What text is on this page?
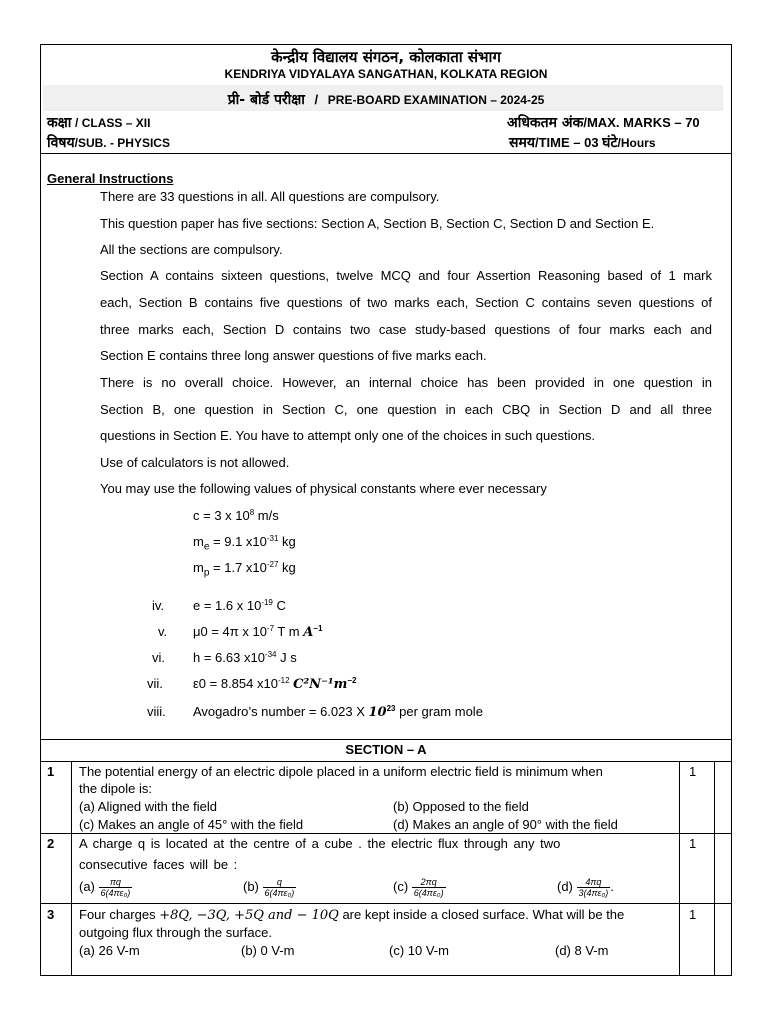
केन्द्रीय विद्यालय संगठन, कोलकाता संभाग
KENDRIYA VIDYALAYA SANGATHAN, KOLKATA REGION
प्री- बोर्ड परीक्षा / PRE-BOARD EXAMINATION – 2024-25
कक्षा / CLASS – XII	अधिकतम अंक/MAX. MARKS – 70
विषय/SUB. - PHYSICS	समय/TIME – 03 घंटे/Hours
General Instructions
There are 33 questions in all. All questions are compulsory.
This question paper has five sections: Section A, Section B, Section C, Section D and Section E.
All the sections are compulsory.
Section A contains sixteen questions, twelve MCQ and four Assertion Reasoning based of 1 mark
each, Section B contains five questions of two marks each, Section C contains seven questions of
three marks each, Section D contains two case study-based questions of four marks each and
Section E contains three long answer questions of five marks each.
There is no overall choice. However, an internal choice has been provided in one question in
Section B, one question in Section C, one question in each CBQ in Section D and all three
questions in Section E. You have to attempt only one of the choices in such questions.
Use of calculators is not allowed.
You may use the following values of physical constants where ever necessary
c = 3 x $10^8$ m/s
$m_e = 9.1$ $x10^{-31}$ kg
$m_p = 1.7$ $x10^{-27}$ kg
iv. e = 1.6 x $10^{-19}$ C
v. μ0 = 4π x $10^{-7}$ T m $A^{-1}$
vi. h = 6.63 $x10^{-34}$ J s
vii. ε0 = 8.854 $x10^{-12}$ $C^2N^{-1}m^{-2}$
viii. Avogadro’s number = 6.023 X $10^{23}$ per gram mole
SECTION – A
1	1
The potential energy of an electric dipole placed in a uniform electric field is minimum when
the dipole is:
(a) Aligned with the field	(b) Opposed to the field
(c) Makes an angle of 45° with the field	(d) Makes an angle of 90° with the field
2	1
A charge q is located at the centre of a cube . the electric flux through any two
consecutive faces will be :
$(a) \frac{\pi q}{\text{6(4πε₀)}}$	$(b) \frac{q}{\text{6(4πε₀)}}$	$(c) \frac{2\pi q}{\text{6(4πε₀)}}$	$(d) \frac{4\pi q}{\text{3(4πε₀)}}$ .
3	1
Four charges +8Q, −3Q, +5Q and − 10Q are kept inside a closed surface. What will be the
outgoing flux through the surface.
(a) 26 V-m	(b) 0 V-m	(c) 10 V-m	(d) 8 V-m
